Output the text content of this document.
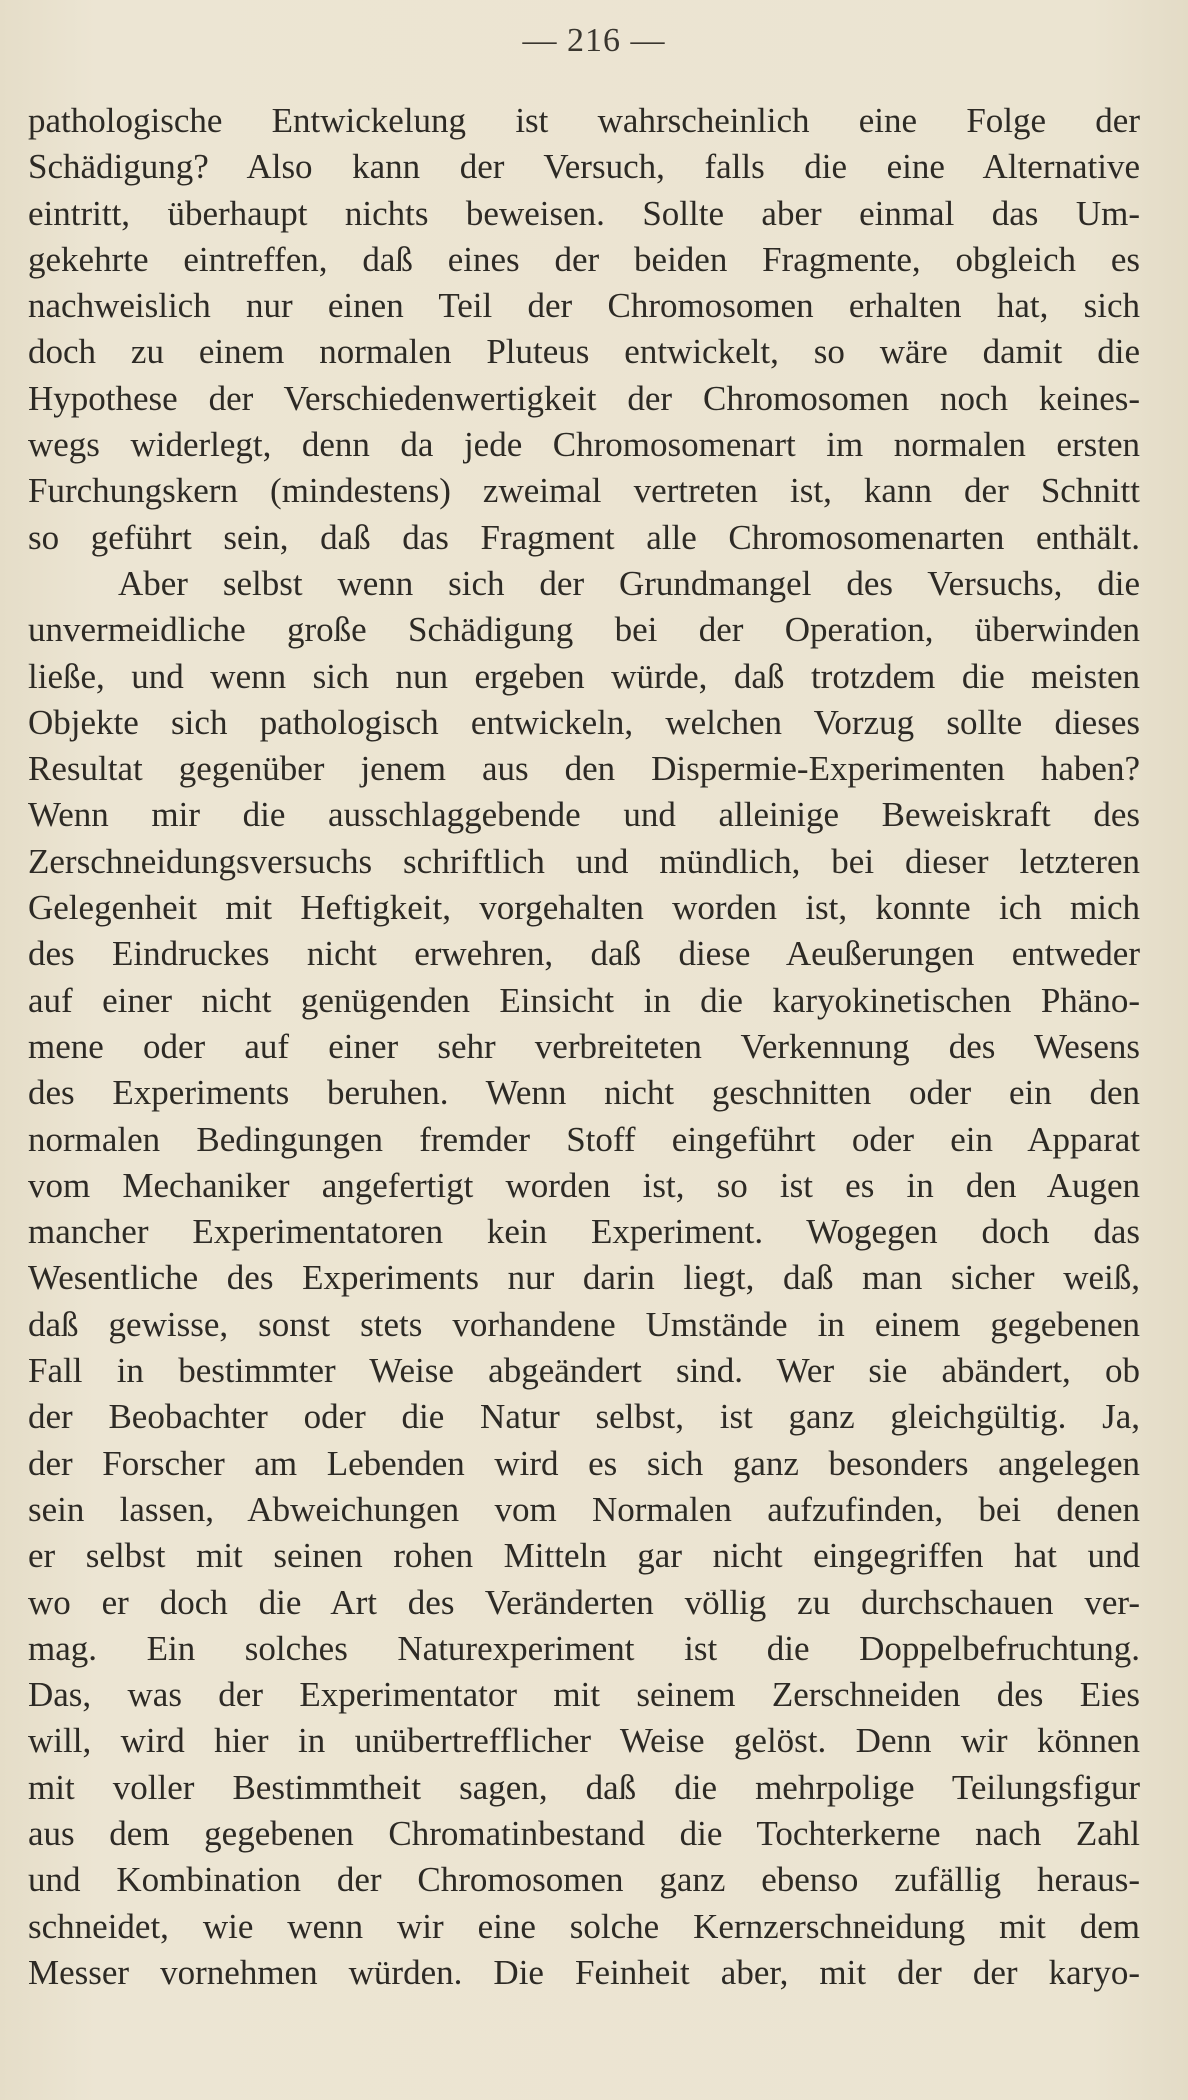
— 216 —
pathologische Entwickelung ist wahrscheinlich eine Folge der
Schädigung? Also kann der Versuch, falls die eine Alternative
eintritt, überhaupt nichts beweisen. Sollte aber einmal das Um-
gekehrte eintreffen, daß eines der beiden Fragmente, obgleich es
nachweislich nur einen Teil der Chromosomen erhalten hat, sich
doch zu einem normalen Pluteus entwickelt, so wäre damit die
Hypothese der Verschiedenwertigkeit der Chromosomen noch keines-
wegs widerlegt, denn da jede Chromosomenart im normalen ersten
Furchungskern (mindestens) zweimal vertreten ist, kann der Schnitt
so geführt sein, daß das Fragment alle Chromosomenarten enthält.
Aber selbst wenn sich der Grundmangel des Versuchs, die
unvermeidliche große Schädigung bei der Operation, überwinden
ließe, und wenn sich nun ergeben würde, daß trotzdem die meisten
Objekte sich pathologisch entwickeln, welchen Vorzug sollte dieses
Resultat gegenüber jenem aus den Dispermie-Experimenten haben?
Wenn mir die ausschlaggebende und alleinige Beweiskraft des
Zerschneidungsversuchs schriftlich und mündlich, bei dieser letzteren
Gelegenheit mit Heftigkeit, vorgehalten worden ist, konnte ich mich
des Eindruckes nicht erwehren, daß diese Aeußerungen entweder
auf einer nicht genügenden Einsicht in die karyokinetischen Phäno-
mene oder auf einer sehr verbreiteten Verkennung des Wesens
des Experiments beruhen. Wenn nicht geschnitten oder ein den
normalen Bedingungen fremder Stoff eingeführt oder ein Apparat
vom Mechaniker angefertigt worden ist, so ist es in den Augen
mancher Experimentatoren kein Experiment. Wogegen doch das
Wesentliche des Experiments nur darin liegt, daß man sicher weiß,
daß gewisse, sonst stets vorhandene Umstände in einem gegebenen
Fall in bestimmter Weise abgeändert sind. Wer sie abändert, ob
der Beobachter oder die Natur selbst, ist ganz gleichgültig. Ja,
der Forscher am Lebenden wird es sich ganz besonders angelegen
sein lassen, Abweichungen vom Normalen aufzufinden, bei denen
er selbst mit seinen rohen Mitteln gar nicht eingegriffen hat und
wo er doch die Art des Veränderten völlig zu durchschauen ver-
mag. Ein solches Naturexperiment ist die Doppelbefruchtung.
Das, was der Experimentator mit seinem Zerschneiden des Eies
will, wird hier in unübertrefflicher Weise gelöst. Denn wir können
mit voller Bestimmtheit sagen, daß die mehrpolige Teilungsfigur
aus dem gegebenen Chromatinbestand die Tochterkerne nach Zahl
und Kombination der Chromosomen ganz ebenso zufällig heraus-
schneidet, wie wenn wir eine solche Kernzerschneidung mit dem
Messer vornehmen würden. Die Feinheit aber, mit der der karyo-
